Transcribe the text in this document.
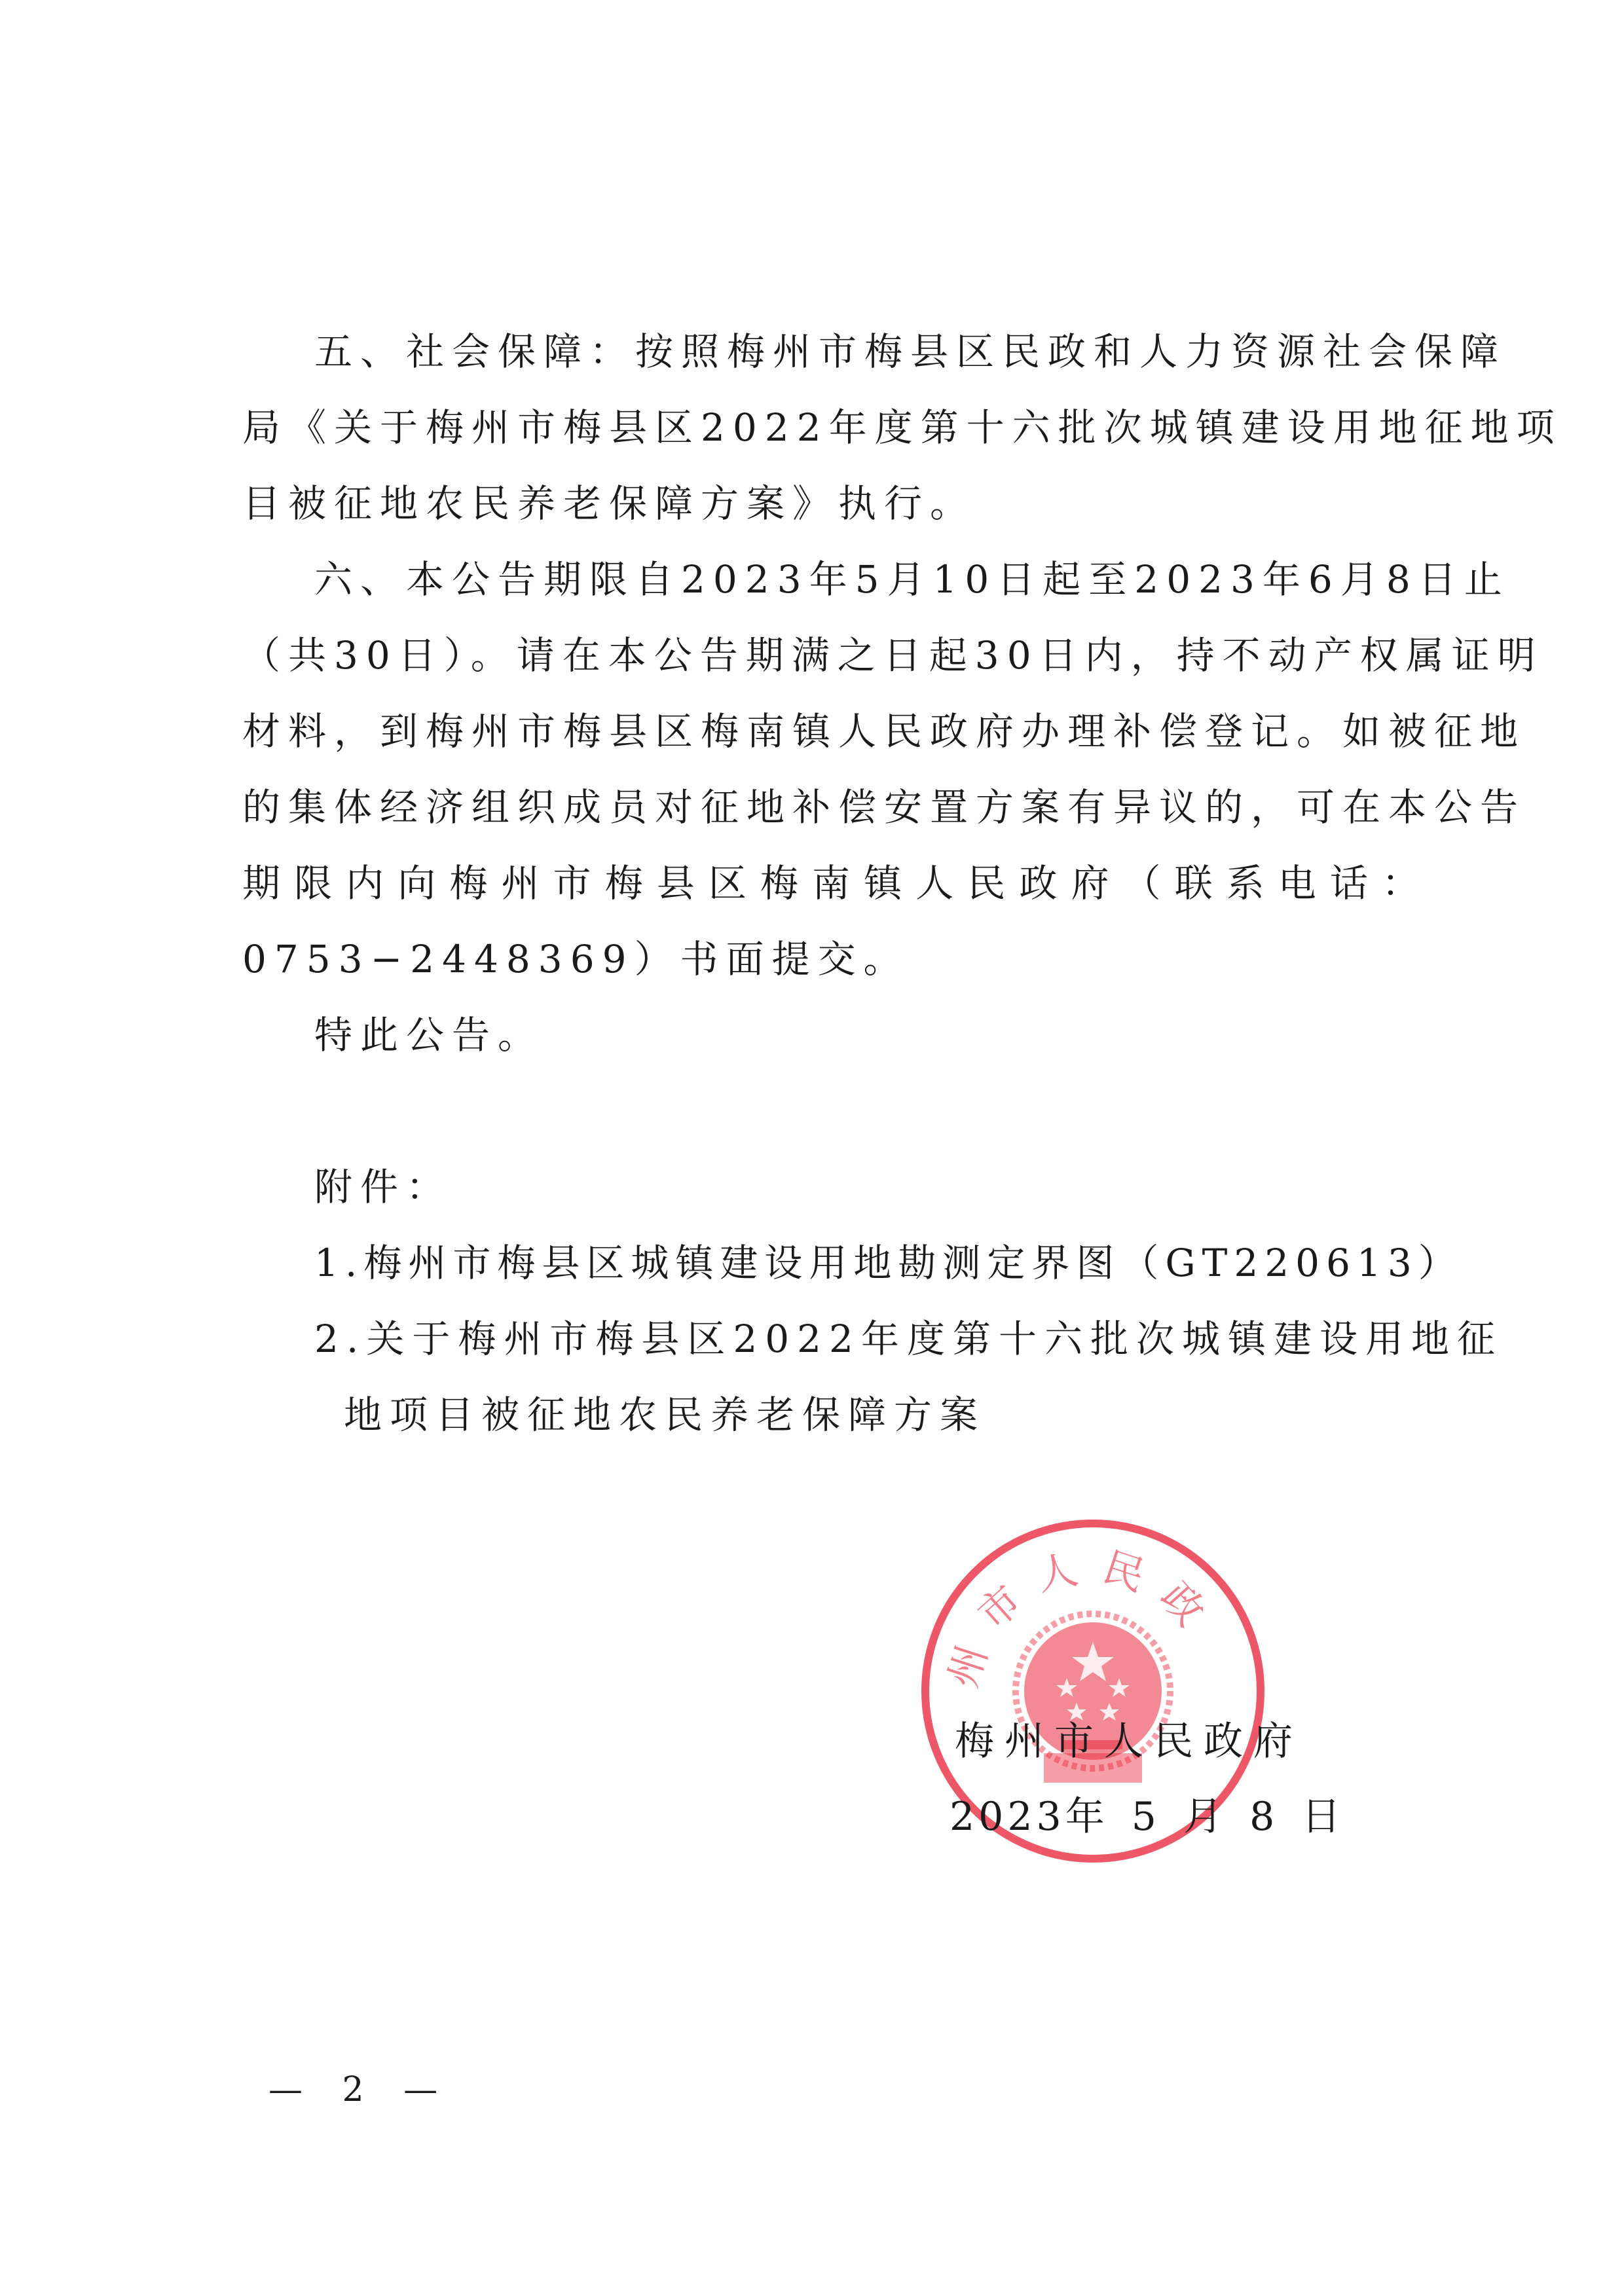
五、社会保障：按照梅州市梅县区民政和人力资源社会保障
局《关于梅州市梅县区2022年度第十六批次城镇建设用地征地项
目被征地农民养老保障方案》执行。
六、本公告期限自2023年5月10日起至2023年6月8日止
（共30日）。请在本公告期满之日起30日内，持不动产权属证明
材料，到梅州市梅县区梅南镇人民政府办理补偿登记。如被征地
的集体经济组织成员对征地补偿安置方案有异议的，可在本公告
期限内向梅州市梅县区梅南镇人民政府（联系电话：
0753−2448369）书面提交。
特此公告。
附件：
1.梅州市梅县区城镇建设用地勘测定界图（GT220613）
2.关于梅州市梅县区2022年度第十六批次城镇建设用地征
地项目被征地农民养老保障方案
州市人民政
梅州市人民政府
2023年 5 月 8 日
— 2 —
